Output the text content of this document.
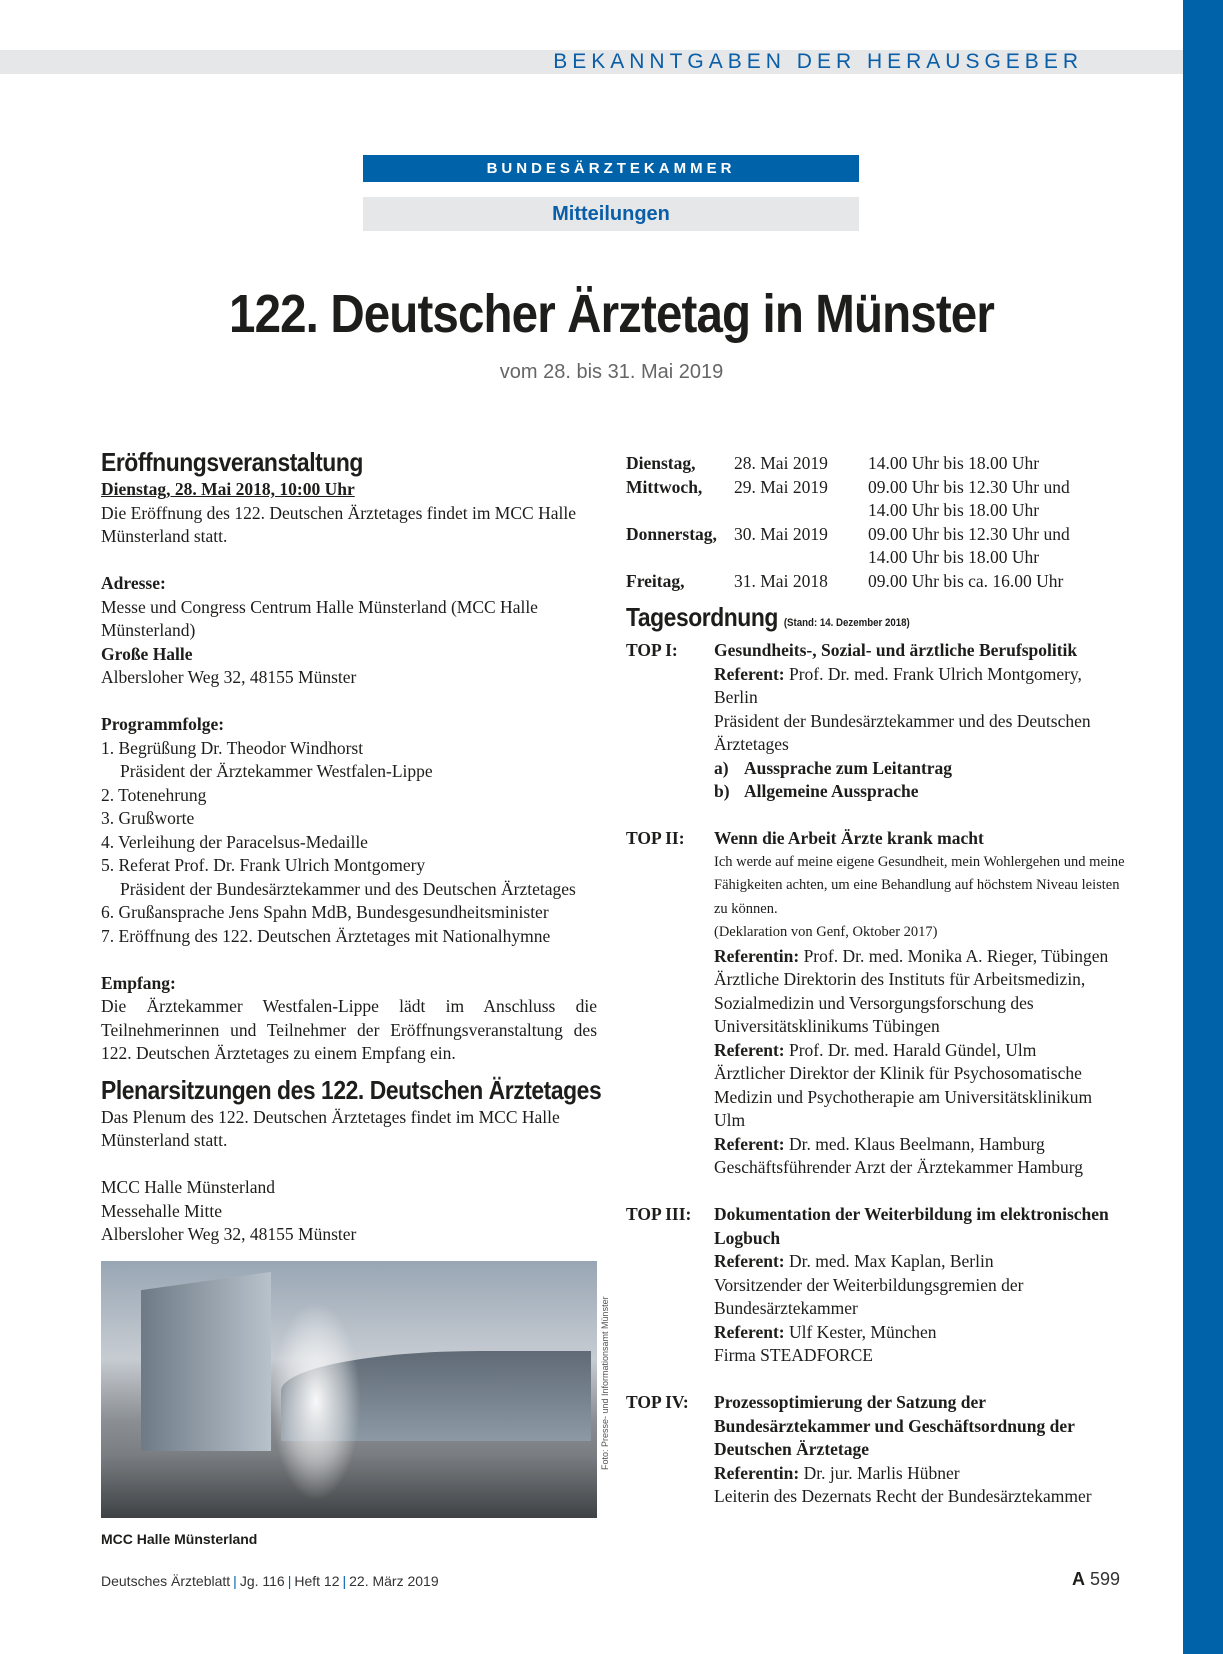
BEKANNTGABEN DER HERAUSGEBER
BUNDESÄRZTEKAMMER
Mitteilungen
122. Deutscher Ärztetag in Münster
vom 28. bis 31. Mai 2019
Eröffnungsveranstaltung

Dienstag, 28. Mai 2018, 10:00 Uhr

Die Eröffnung des 122. Deutschen Ärztetages findet im MCC Halle Münsterland statt.

Adresse:

Messe und Congress Centrum Halle Münsterland (MCC Halle Münsterland)

Große Halle

Albersloher Weg 32, 48155 Münster

Programmfolge:

1. Begrüßung Dr. Theodor Windhorst

Präsident der Ärztekammer Westfalen-Lippe

2. Totenehrung

3. Grußworte

4. Verleihung der Paracelsus-Medaille

5. Referat Prof. Dr. Frank Ulrich Montgomery

Präsident der Bundesärztekammer und des Deutschen Ärztetages

6. Grußansprache Jens Spahn MdB, Bundesgesundheitsminister

7. Eröffnung des 122. Deutschen Ärztetages mit Nationalhymne

Empfang:

Die Ärztekammer Westfalen-Lippe lädt im Anschluss die Teilnehmerinnen und Teilnehmer der Eröffnungsveranstaltung des 122. Deutschen Ärztetages zu einem Empfang ein.

Plenarsitzungen des 122. Deutschen Ärztetages

Das Plenum des 122. Deutschen Ärztetages findet im MCC Halle Münsterland statt.

MCC Halle Münsterland

Messehalle Mitte

Albersloher Weg 32, 48155 Münster

MCC Halle Münsterland
Foto: Presse- und Informationsamt Münster
Dienstag,	28. Mai 2019	14.00 Uhr bis 18.00 Uhr
Mittwoch,	29. Mai 2019	09.00 Uhr bis 12.30 Uhr und
14.00 Uhr bis 18.00 Uhr

Donnerstag,	30. Mai 2019	09.00 Uhr bis 12.30 Uhr und
14.00 Uhr bis 18.00 Uhr

Freitag,	31. Mai 2018	09.00 Uhr bis ca. 16.00 Uhr
Tagesordnung (Stand: 14. Dezember 2018)
TOP I:	Gesundheits-, Sozial- und ärztliche Berufspolitik

Referent: Prof. Dr. med. Frank Ulrich Montgomery, Berlin

Präsident der Bundesärztekammer und des Deutschen Ärztetages

a) Aussprache zum Leitantrag
b) Allgemeine Aussprache
TOP II:	Wenn die Arbeit Ärzte krank macht

Ich werde auf meine eigene Gesundheit, mein Wohlergehen und meine Fähigkeiten achten, um eine Behandlung auf höchstem Niveau leisten zu können.

(Deklaration von Genf, Oktober 2017)

Referentin: Prof. Dr. med. Monika A. Rieger, Tübingen

Ärztliche Direktorin des Instituts für Arbeitsmedizin, Sozialmedizin und Versorgungsforschung des Universitätsklinikums Tübingen

Referent: Prof. Dr. med. Harald Gündel, Ulm

Ärztlicher Direktor der Klinik für Psychosomatische Medizin und Psychotherapie am Universitätsklinikum Ulm

Referent: Dr. med. Klaus Beelmann, Hamburg

Geschäftsführender Arzt der Ärztekammer Hamburg

TOP III:	Dokumentation der Weiterbildung im elektronischen Logbuch

Referent: Dr. med. Max Kaplan, Berlin

Vorsitzender der Weiterbildungsgremien der Bundesärztekammer

Referent: Ulf Kester, München

Firma STEADFORCE

TOP IV:	Prozessoptimierung der Satzung der Bundesärztekammer und Geschäftsordnung der Deutschen Ärztetage

Referentin: Dr. jur. Marlis Hübner

Leiterin des Dezernats Recht der Bundesärztekammer

Deutsches Ärzteblatt | Jg. 116 | Heft 12 | 22. März 2019	A 599
